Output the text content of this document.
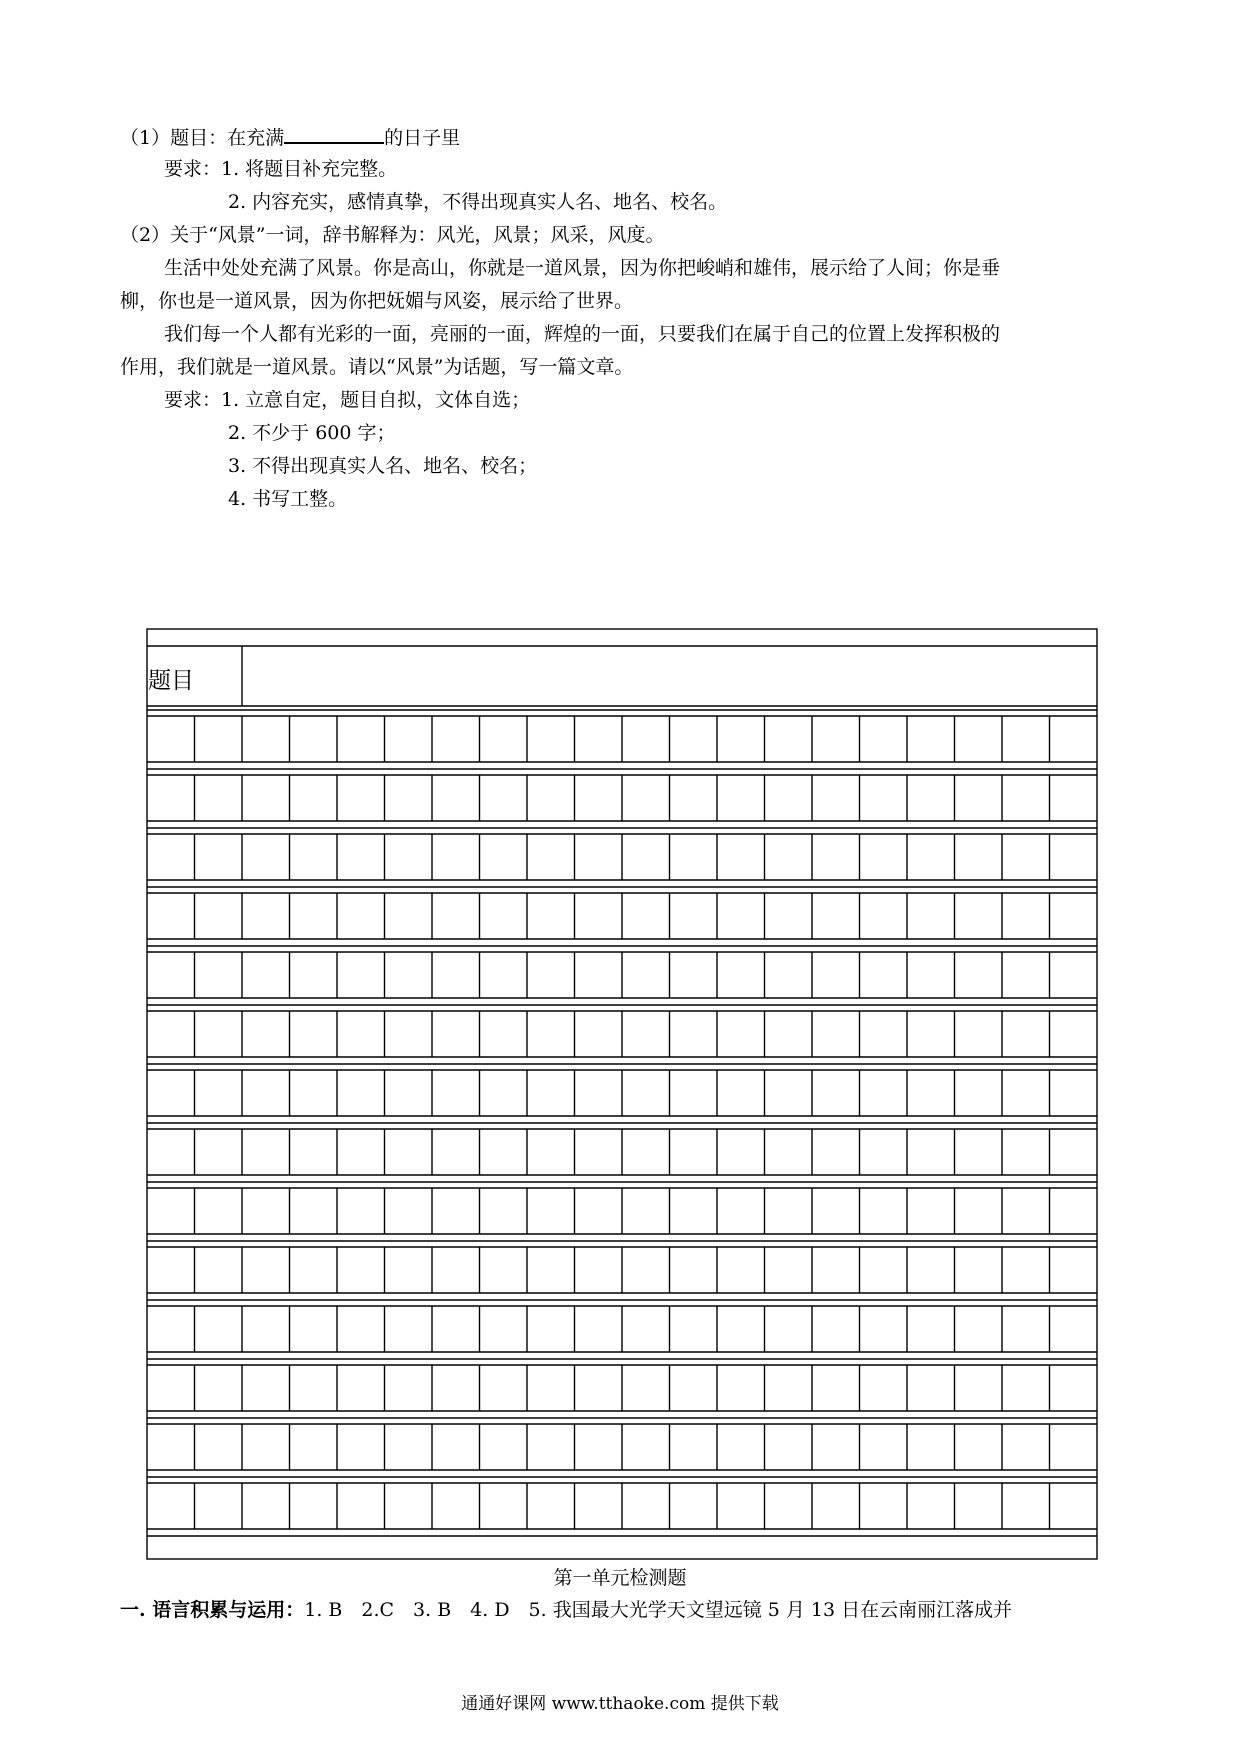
（1）题目：在充满	的日子里
要求：1. 将题目补充完整。
2. 内容充实，感情真挚，不得出现真实人名、地名、校名。
（2）关于“风景”一词，辞书解释为：风光，风景；风采，风度。
生活中处处充满了风景。你是高山，你就是一道风景，因为你把峻峭和雄伟，展示给了人间；你是垂
柳，你也是一道风景，因为你把妩媚与风姿，展示给了世界。
我们每一个人都有光彩的一面，亮丽的一面，辉煌的一面，只要我们在属于自己的位置上发挥积极的
作用，我们就是一道风景。请以“风景”为话题，写一篇文章。
要求：1. 立意自定，题目自拟，文体自选；
2. 不少于 600 字；
3. 不得出现真实人名、地名、校名；
4. 书写工整。
题目
第一单元检测题
一. 语言积累与运用：1. B　2.C　3. B　4. D　5. 我国最大光学天文望远镜 5 月 13 日在云南丽江落成并
通通好课网 www.tthaoke.com 提供下载
